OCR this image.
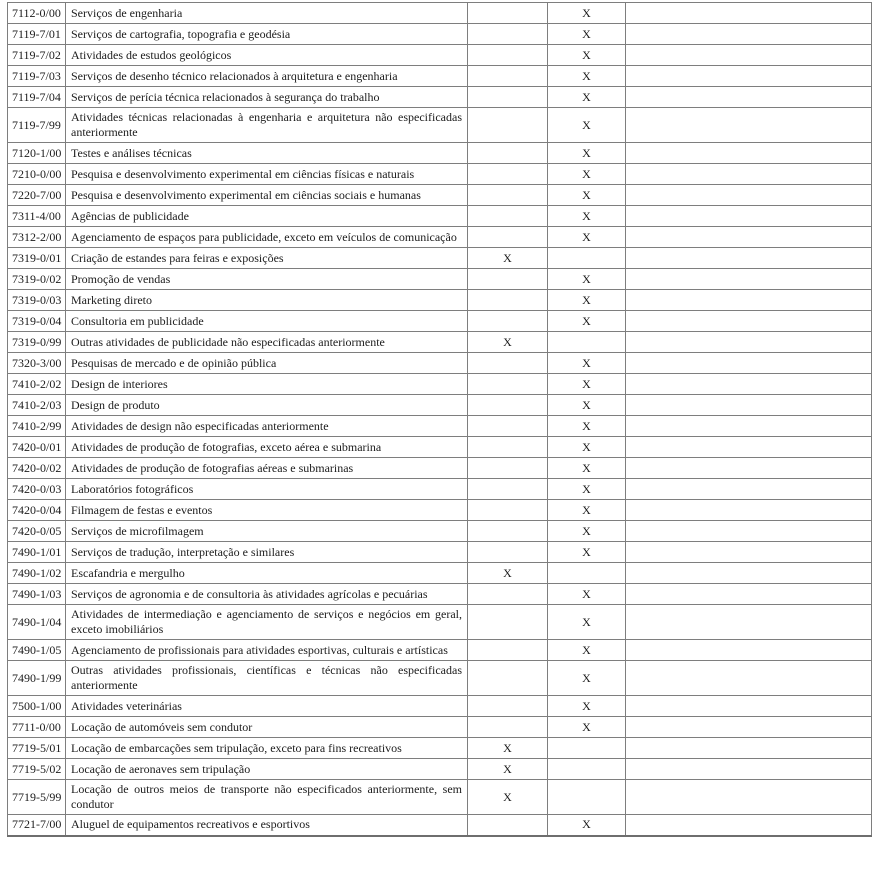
7112-0/00	Serviços de engenharia		X	
7119-7/01	Serviços de cartografia, topografia e geodésia		X	
7119-7/02	Atividades de estudos geológicos		X	
7119-7/03	Serviços de desenho técnico relacionados à arquitetura e engenharia		X	
7119-7/04	Serviços de perícia técnica relacionados à segurança do trabalho		X	
7119-7/99	Atividades técnicas relacionadas à engenharia e arquitetura não especificadas anteriormente		X	
7120-1/00	Testes e análises técnicas		X	
7210-0/00	Pesquisa e desenvolvimento experimental em ciências físicas e naturais		X	
7220-7/00	Pesquisa e desenvolvimento experimental em ciências sociais e humanas		X	
7311-4/00	Agências de publicidade		X	
7312-2/00	Agenciamento de espaços para publicidade, exceto em veículos de comunicação		X	
7319-0/01	Criação de estandes para feiras e exposições	X		
7319-0/02	Promoção de vendas		X	
7319-0/03	Marketing direto		X	
7319-0/04	Consultoria em publicidade		X	
7319-0/99	Outras atividades de publicidade não especificadas anteriormente	X		
7320-3/00	Pesquisas de mercado e de opinião pública		X	
7410-2/02	Design de interiores		X	
7410-2/03	Design de produto		X	
7410-2/99	Atividades de design não especificadas anteriormente		X	
7420-0/01	Atividades de produção de fotografias, exceto aérea e submarina		X	
7420-0/02	Atividades de produção de fotografias aéreas e submarinas		X	
7420-0/03	Laboratórios fotográficos		X	
7420-0/04	Filmagem de festas e eventos		X	
7420-0/05	Serviços de microfilmagem		X	
7490-1/01	Serviços de tradução, interpretação e similares		X	
7490-1/02	Escafandria e mergulho	X		
7490-1/03	Serviços de agronomia e de consultoria às atividades agrícolas e pecuárias		X	
7490-1/04	Atividades de intermediação e agenciamento de serviços e negócios em geral, exceto imobiliários		X	
7490-1/05	Agenciamento de profissionais para atividades esportivas, culturais e artísticas		X	
7490-1/99	Outras atividades profissionais, científicas e técnicas não especificadas anteriormente		X	
7500-1/00	Atividades veterinárias		X	
7711-0/00	Locação de automóveis sem condutor		X	
7719-5/01	Locação de embarcações sem tripulação, exceto para fins recreativos	X		
7719-5/02	Locação de aeronaves sem tripulação	X		
7719-5/99	Locação de outros meios de transporte não especificados anteriormente, sem condutor	X		
7721-7/00	Aluguel de equipamentos recreativos e esportivos		X	
